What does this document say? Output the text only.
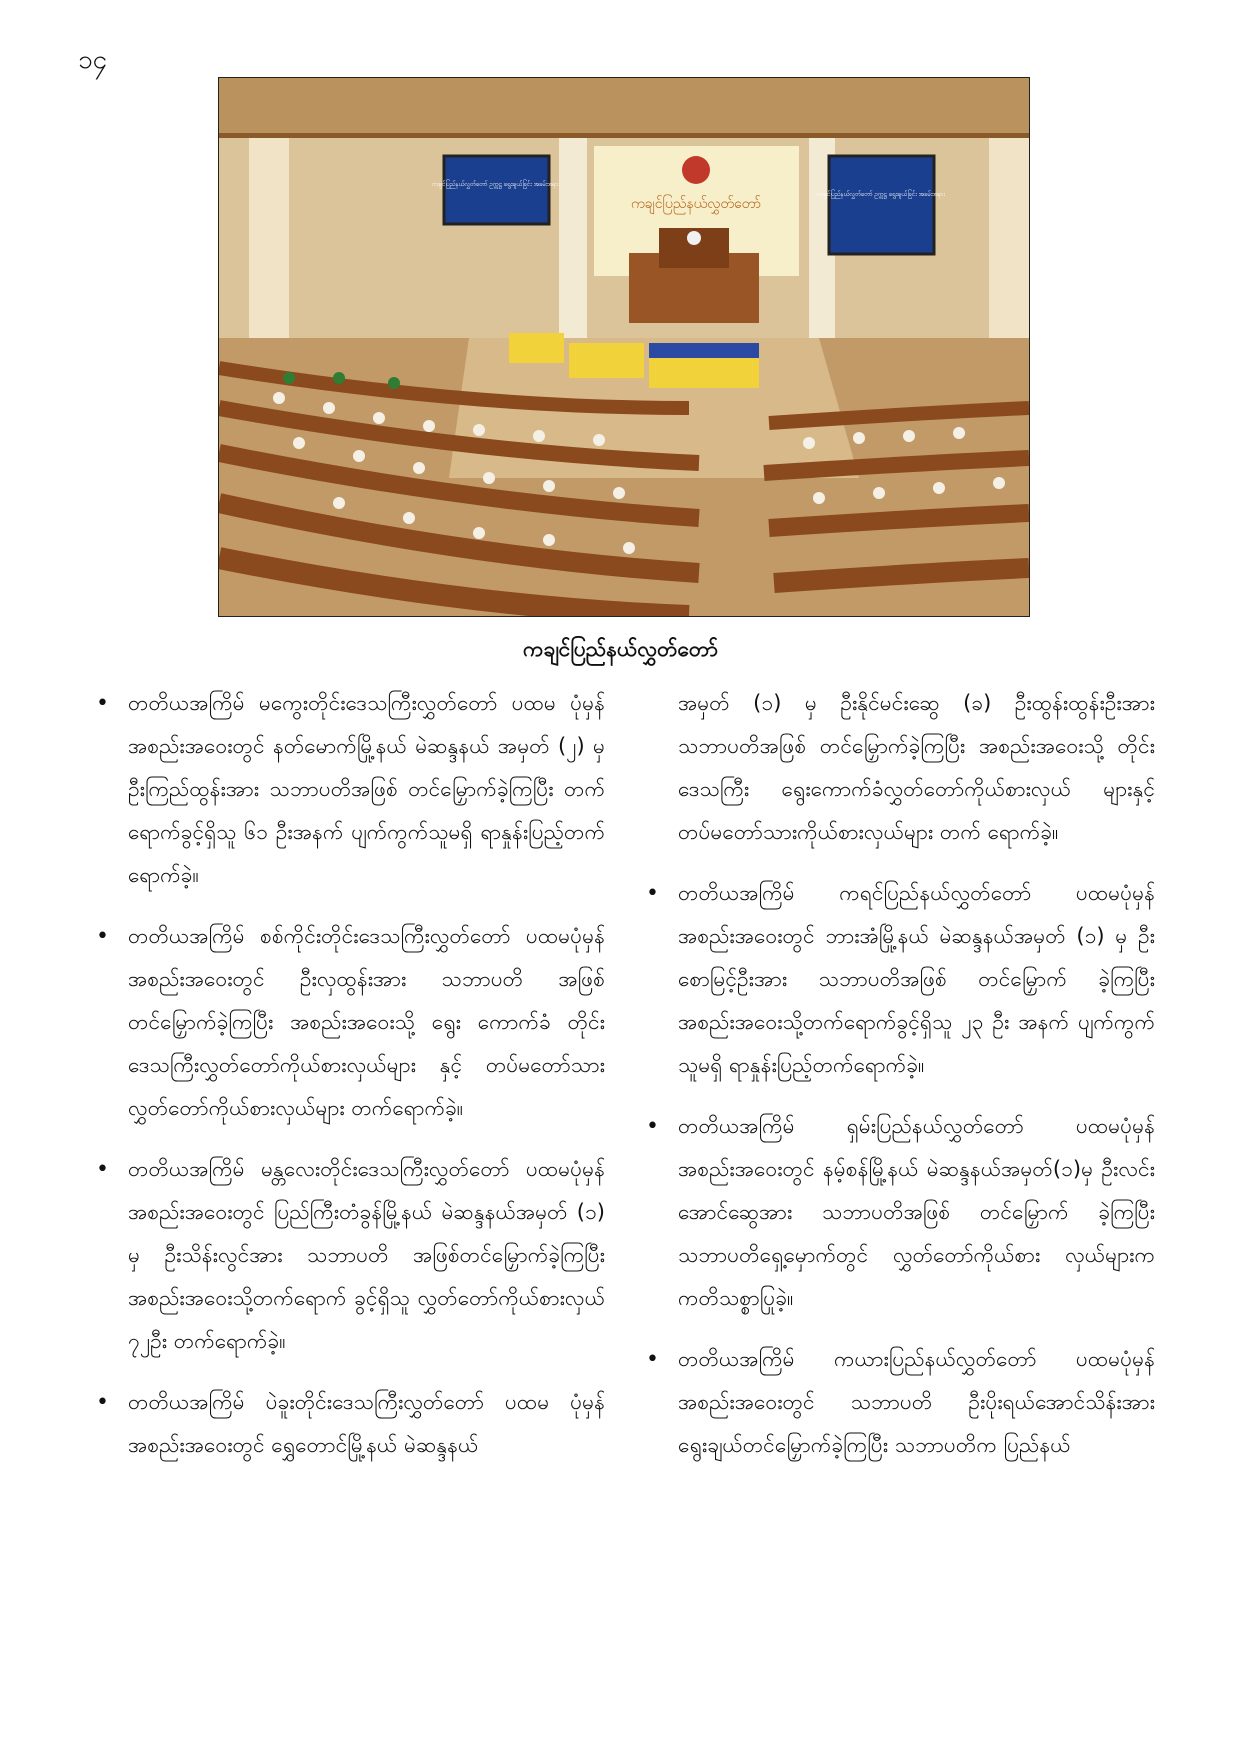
၁၄
ကချင်ပြည်နယ်လွှတ်တော်
ကချင်ပြည်နယ်လွှတ်တော် ဥက္ကဋ္ဌ ရွေးချယ်ခြင်း အခမ်းအနား
ကချင်ပြည်နယ်လွှတ်တော် ဥက္ကဋ္ဌ ရွေးချယ်ခြင်း အခမ်းအနား
ကချင်ပြည်နယ်လွှတ်တော်
• တတိယအကြိမ် မကွေးတိုင်းဒေသကြီးလွှတ်တော် ပထမ ပုံမှန်အစည်းအဝေးတွင် နတ်မောက်မြို့နယ် မဲဆန္ဒနယ် အမှတ် (၂) မှ ဦးကြည်ထွန်းအား သဘာပတိအဖြစ် တင်မြှောက်ခဲ့ကြပြီး တက်ရောက်ခွင့်ရှိသူ ၆၁ ဦးအနက် ပျက်ကွက်သူမရှိ ရာနှုန်းပြည့်တက်ရောက်ခဲ့။
• တတိယအကြိမ် စစ်ကိုင်းတိုင်းဒေသကြီးလွှတ်တော် ပထမပုံမှန်အစည်းအဝေးတွင် ဦးလှထွန်းအား သဘာပတိ အဖြစ်တင်မြှောက်ခဲ့ကြပြီး အစည်းအဝေးသို့ ရွေး ကောက်ခံ တိုင်းဒေသကြီးလွှတ်တော်ကိုယ်စားလှယ်များ နှင့် တပ်မတော်သားလွှတ်တော်ကိုယ်စားလှယ်များ တက်ရောက်ခဲ့။
• တတိယအကြိမ် မန္တလေးတိုင်းဒေသကြီးလွှတ်တော် ပထမပုံမှန်အစည်းအဝေးတွင် ပြည်ကြီးတံခွန်မြို့နယ် မဲဆန္ဒနယ်အမှတ် (၁) မှ ဦးသိန်းလွင်အား သဘာပတိ အဖြစ်တင်မြှောက်ခဲ့ကြပြီး အစည်းအဝေးသို့တက်ရောက် ခွင့်ရှိသူ လွှတ်တော်ကိုယ်စားလှယ် ၇၂ဦး တက်ရောက်ခဲ့။
• တတိယအကြိမ် ပဲခူးတိုင်းဒေသကြီးလွှတ်တော် ပထမ ပုံမှန်အစည်းအဝေးတွင် ရွှေတောင်မြို့နယ် မဲဆန္ဒနယ်
အမှတ် (၁) မှ ဦးနိုင်မင်းဆွေ (ခ) ဦးထွန်းထွန်းဦးအား သဘာပတိအဖြစ် တင်မြှောက်ခဲ့ကြပြီး အစည်းအဝေးသို့ တိုင်းဒေသကြီး ရွေးကောက်ခံလွှတ်တော်ကိုယ်စားလှယ် များနှင့် တပ်မတော်သားကိုယ်စားလှယ်များ တက် ရောက်ခဲ့။
• တတိယအကြိမ် ကရင်ပြည်နယ်လွှတ်တော် ပထမပုံမှန် အစည်းအဝေးတွင် ဘားအံမြို့နယ် မဲဆန္ဒနယ်အမှတ် (၁) မှ ဦးစောမြင့်ဦးအား သဘာပတိအဖြစ် တင်မြှောက် ခဲ့ကြပြီး အစည်းအဝေးသို့တက်ရောက်ခွင့်ရှိသူ ၂၃ ဦး အနက် ပျက်ကွက်သူမရှိ ရာနှုန်းပြည့်တက်ရောက်ခဲ့။
• တတိယအကြိမ် ရှမ်းပြည်နယ်လွှတ်တော် ပထမပုံမှန် အစည်းအဝေးတွင် နမ့်စန်မြို့နယ် မဲဆန္ဒနယ်အမှတ်(၁)မှ ဦးလင်းအောင်ဆွေအား သဘာပတိအဖြစ် တင်မြှောက် ခဲ့ကြပြီး သဘာပတိရှေ့မှောက်တွင် လွှတ်တော်ကိုယ်စား လှယ်များက ကတိသစ္စာပြုခဲ့။
• တတိယအကြိမ် ကယားပြည်နယ်လွှတ်တော် ပထမပုံမှန် အစည်းအဝေးတွင် သဘာပတိ ဦးပိုးရယ်အောင်သိန်းအား ရွေးချယ်တင်မြှောက်ခဲ့ကြပြီး သဘာပတိက ပြည်နယ်
